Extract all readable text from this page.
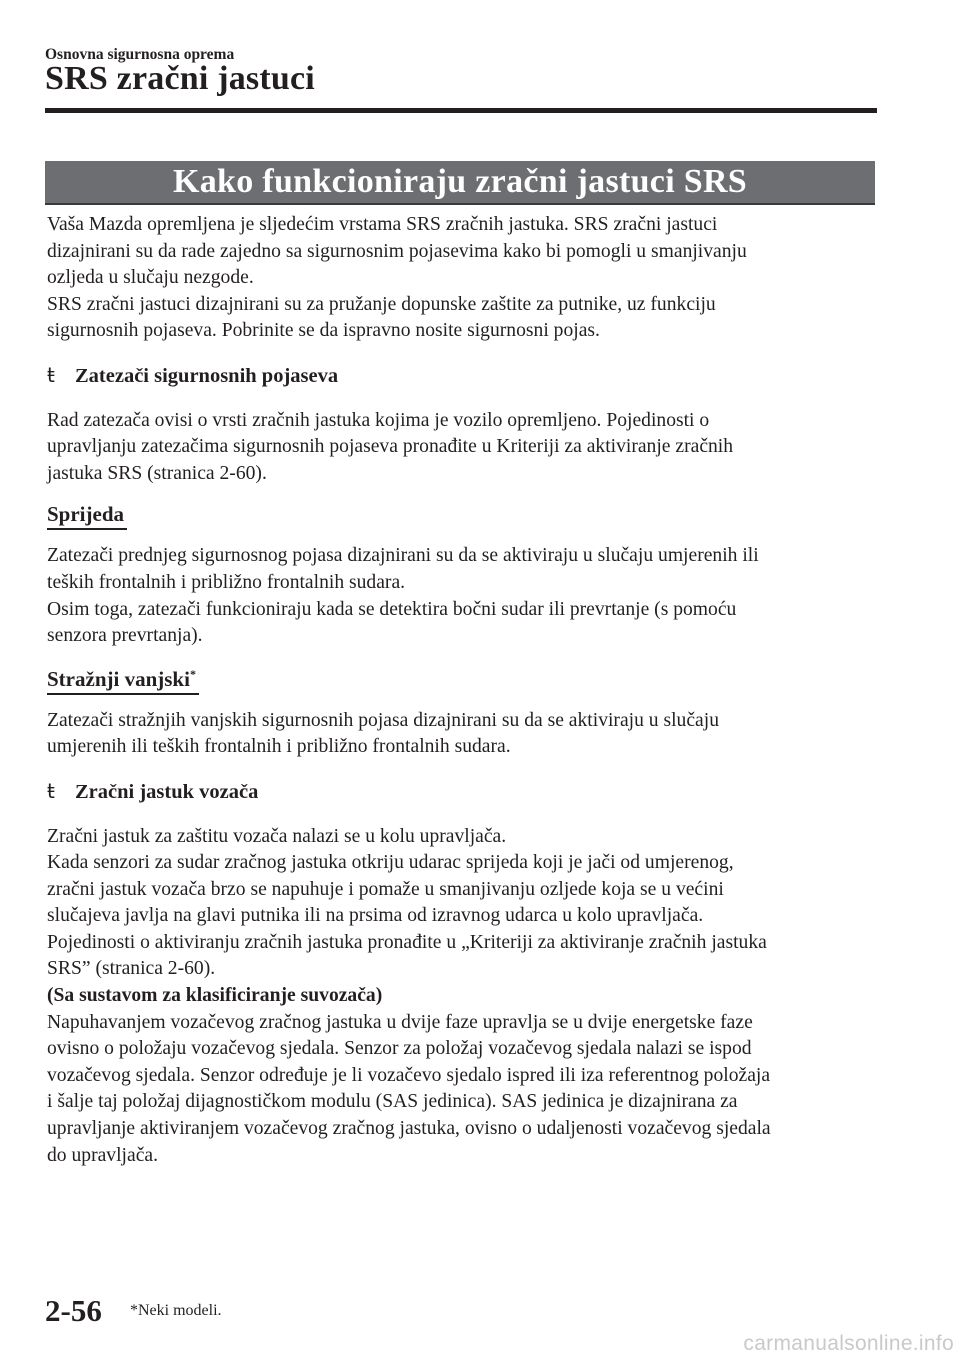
Osnovna sigurnosna oprema
SRS zračni jastuci
Kako funkcioniraju zračni jastuci SRS

Vaša Mazda opremljena je sljedećim vrstama SRS zračnih jastuka. SRS zračni jastuci
dizajnirani su da rade zajedno sa sigurnosnim pojasevima kako bi pomogli u smanjivanju
ozljeda u slučaju nezgode.

SRS zračni jastuci dizajnirani su za pružanje dopunske zaštite za putnike, uz funkciju
sigurnosnih pojaseva. Pobrinite se da ispravno nosite sigurnosni pojas.

ŧ Zatezači sigurnosnih pojaseva

Rad zatezača ovisi o vrsti zračnih jastuka kojima je vozilo opremljeno. Pojedinosti o
upravljanju zatezačima sigurnosnih pojaseva pronađite u Kriteriji za aktiviranje zračnih
jastuka SRS (stranica 2-60).

Sprijeda

Zatezači prednjeg sigurnosnog pojasa dizajnirani su da se aktiviraju u slučaju umjerenih ili
teških frontalnih i približno frontalnih sudara.
Osim toga, zatezači funkcioniraju kada se detektira bočni sudar ili prevrtanje (s pomoću
senzora prevrtanja).

Stražnji vanjski*

Zatezači stražnjih vanjskih sigurnosnih pojasa dizajnirani su da se aktiviraju u slučaju
umjerenih ili teških frontalnih i približno frontalnih sudara.

ŧ Zračni jastuk vozača

Zračni jastuk za zaštitu vozača nalazi se u kolu upravljača.
Kada senzori za sudar zračnog jastuka otkriju udarac sprijeda koji je jači od umjerenog,
zračni jastuk vozača brzo se napuhuje i pomaže u smanjivanju ozljede koja se u većini
slučajeva javlja na glavi putnika ili na prsima od izravnog udarca u kolo upravljača.
Pojedinosti o aktiviranju zračnih jastuka pronađite u „Kriteriji za aktiviranje zračnih jastuka
SRS” (stranica 2-60).
(Sa sustavom za klasificiranje suvozača)
Napuhavanjem vozačevog zračnog jastuka u dvije faze upravlja se u dvije energetske faze
ovisno o položaju vozačevog sjedala. Senzor za položaj vozačevog sjedala nalazi se ispod
vozačevog sjedala. Senzor određuje je li vozačevo sjedalo ispred ili iza referentnog položaja
i šalje taj položaj dijagnostičkom modulu (SAS jedinica). SAS jedinica je dizajnirana za
upravljanje aktiviranjem vozačevog zračnog jastuka, ovisno o udaljenosti vozačevog sjedala
do upravljača.

2-56 *Neki modeli.
carmanualsonline.info
